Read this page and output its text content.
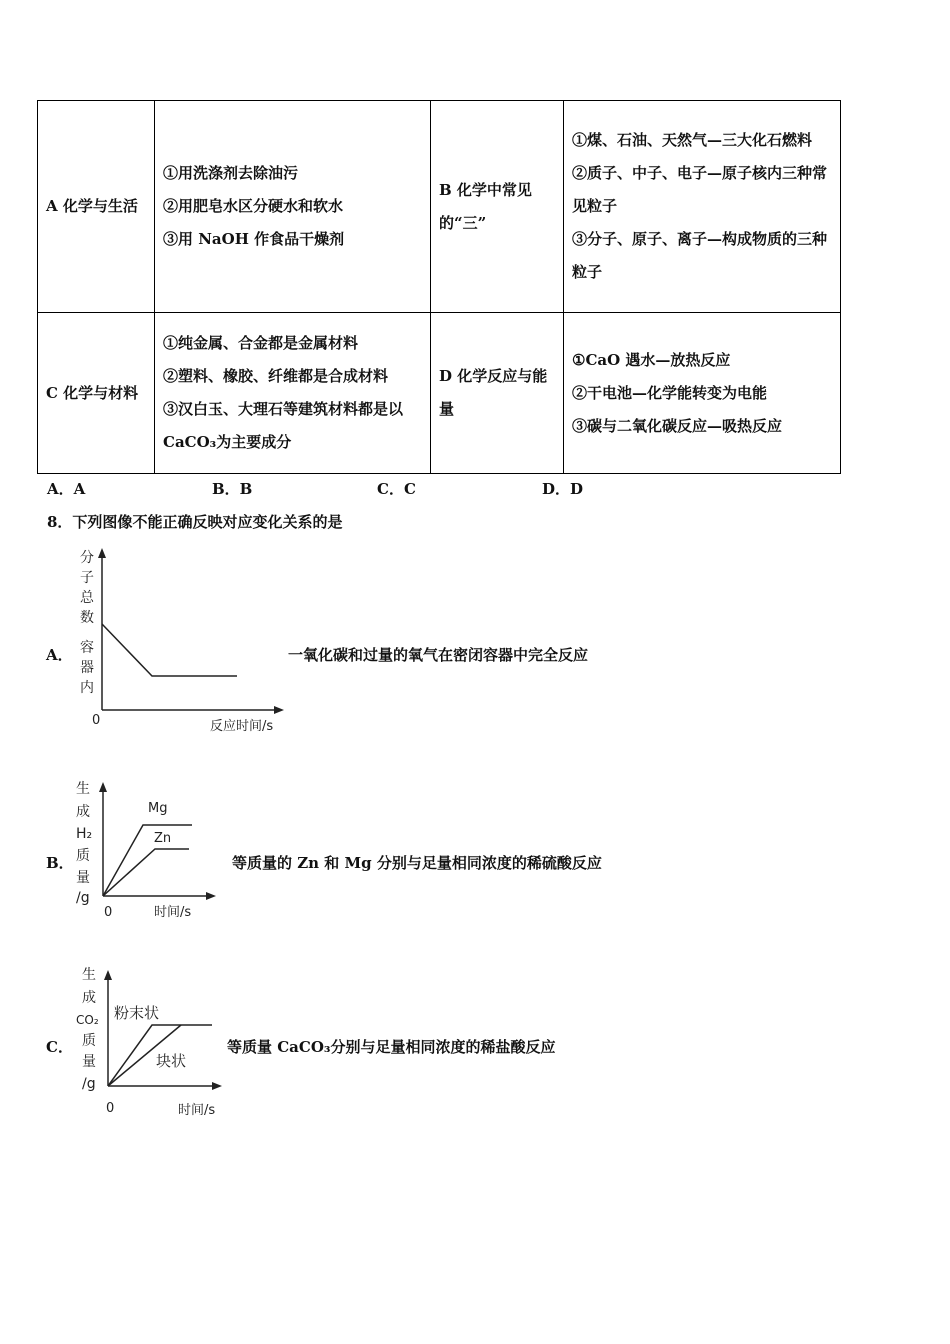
A 化学与生活	①用洗涤剂去除油污
②用肥皂水区分硬水和软水
③用 NaOH 作食品干燥剂	B 化学中常见的“三”	①煤、石油、天然气—三大化石燃料
②质子、中子、电子—原子核内三种常见粒子
③分子、原子、离子—构成物质的三种粒子

C 化学与材料	①纯金属、合金都是金属材料
②塑料、橡胶、纤维都是合成材料
③汉白玉、大理石等建筑材料都是以 CaCO₃为主要成分	D 化学反应与能量	①CaO 遇水—放热反应
②干电池—化学能转变为电能
③碳与二氧化碳反应—吸热反应
A．A	B．B	C．C	D．D
8．下列图像不能正确反映对应变化关系的是
A．
分
子
总
数
容
器
内
0	反应时间/s
一氧化碳和过量的氧气在密闭容器中完全反应
B．
生
成
H₂
质
量
/g
0	时间/s
Mg
Zn
等质量的 Zn 和 Mg 分别与足量相同浓度的稀硫酸反应
C．
生
成
CO₂
质
量
/g
0	时间/s
粉末状
块状
等质量 CaCO₃分别与足量相同浓度的稀盐酸反应
